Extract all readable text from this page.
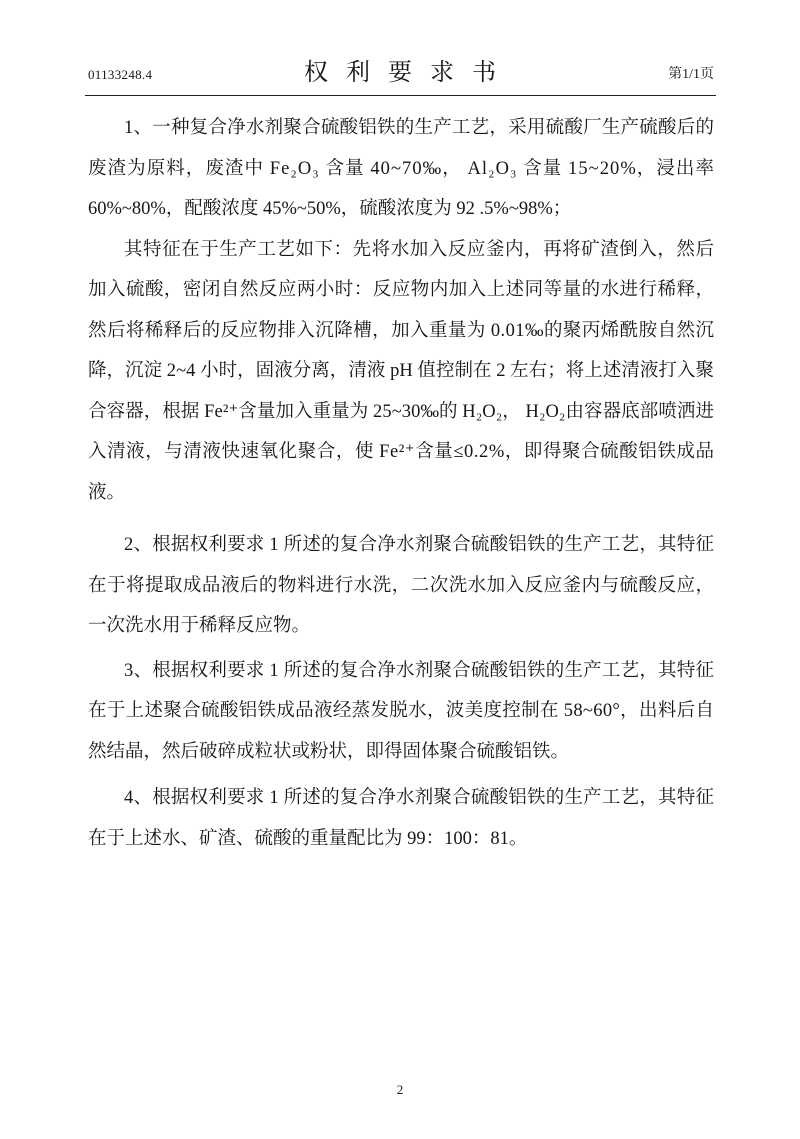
01133248.4	权利要求书	第1/1页
1、一种复合净水剂聚合硫酸铝铁的生产工艺，采用硫酸厂生产硫酸后的
废渣为原料，废渣中 Fe₂O₃ 含量 40~70‰， Al₂O₃ 含量 15~20%，浸出率
60%~80%，配酸浓度 45%~50%，硫酸浓度为 92 .5%~98%；
其特征在于生产工艺如下：先将水加入反应釜内，再将矿渣倒入，然后
加入硫酸，密闭自然反应两小时：反应物内加入上述同等量的水进行稀释，
然后将稀释后的反应物排入沉降槽，加入重量为 0.01‰的聚丙烯酰胺自然沉
降，沉淀 2~4 小时，固液分离，清液 pH 值控制在 2 左右；将上述清液打入聚
合容器，根据 Fe²⁺含量加入重量为 25~30‰的 H₂O₂， H₂O₂由容器底部喷洒进
入清液，与清液快速氧化聚合，使 Fe²⁺含量≤0.2%，即得聚合硫酸铝铁成品
液。
2、根据权利要求 1 所述的复合净水剂聚合硫酸铝铁的生产工艺，其特征
在于将提取成品液后的物料进行水洗，二次洗水加入反应釜内与硫酸反应，
一次洗水用于稀释反应物。
3、根据权利要求 1 所述的复合净水剂聚合硫酸铝铁的生产工艺，其特征
在于上述聚合硫酸铝铁成品液经蒸发脱水，波美度控制在 58~60°，出料后自
然结晶，然后破碎成粒状或粉状，即得固体聚合硫酸铝铁。
4、根据权利要求 1 所述的复合净水剂聚合硫酸铝铁的生产工艺，其特征
在于上述水、矿渣、硫酸的重量配比为 99：100：81。
2
